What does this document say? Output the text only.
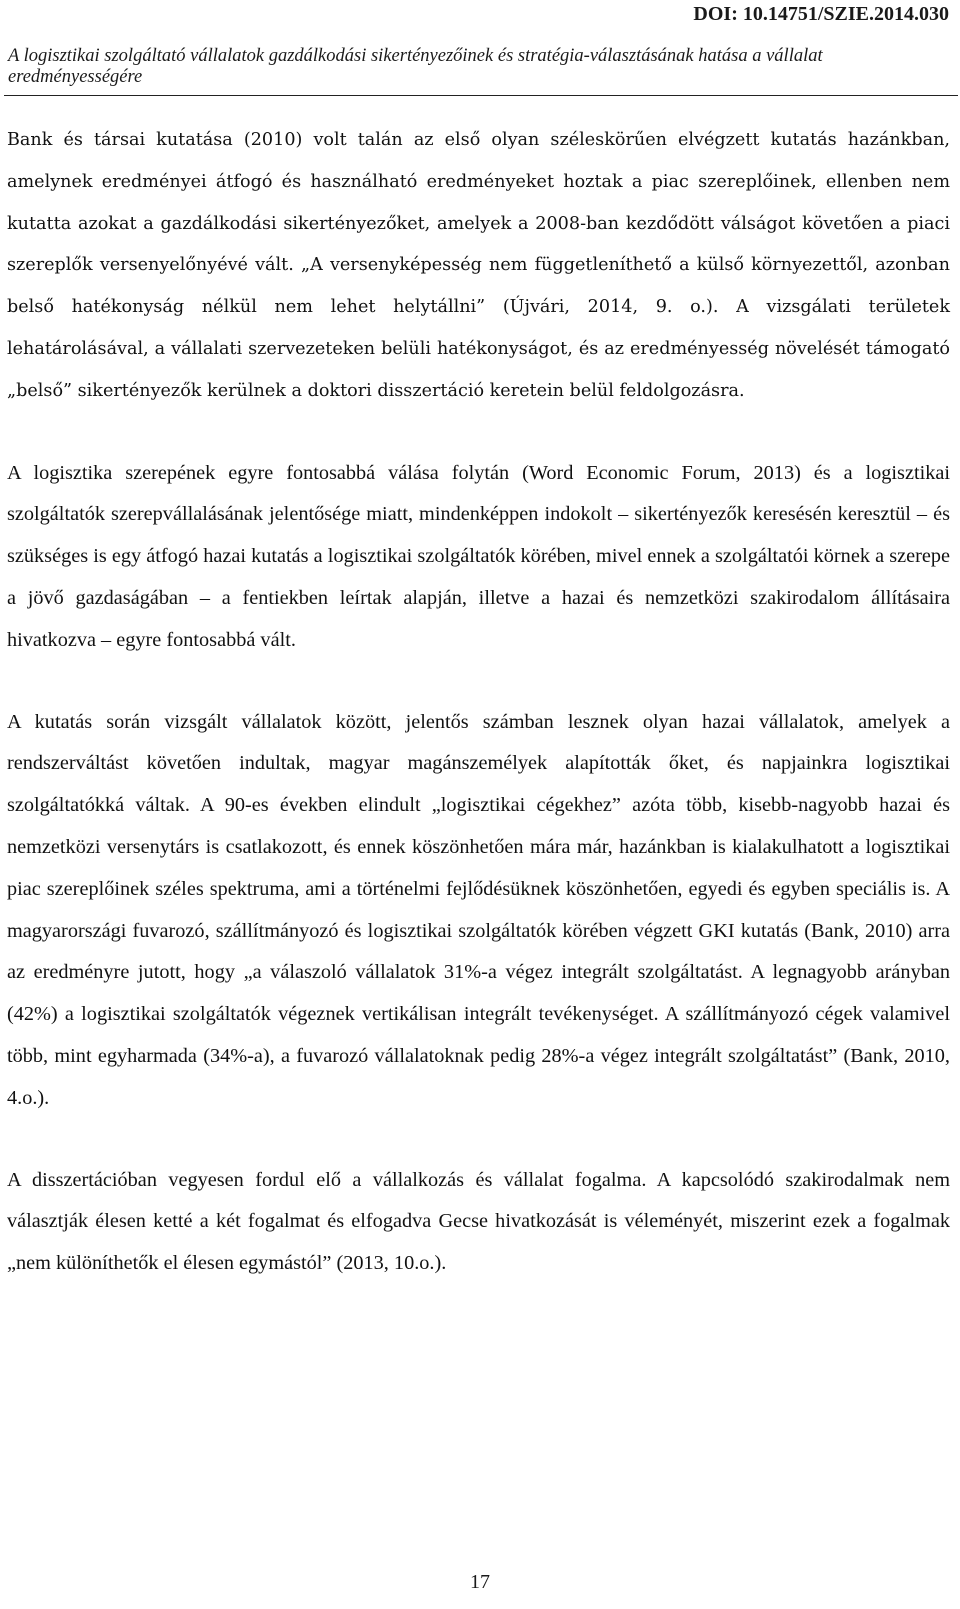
DOI: 10.14751/SZIE.2014.030

A logisztikai szolgáltató vállalatok gazdálkodási sikertényezőinek és stratégia-választásának hatása a vállalat eredményességére

Bank és társai kutatása (2010) volt talán az első olyan széleskörűen elvégzett kutatás hazánkban, amelynek eredményei átfogó és használható eredményeket hoztak a piac szereplőinek, ellenben nem kutatta azokat a gazdálkodási sikertényezőket, amelyek a 2008-ban kezdődött válságot követően a piaci szereplők versenyelőnyévé vált. „A versenyképesség nem függetleníthető a külső környezettől, azonban belső hatékonyság nélkül nem lehet helytállni” (Újvári, 2014, 9. o.). A vizsgálati területek lehatárolásával, a vállalati szervezeteken belüli hatékonyságot, és az eredményesség növelését támogató „belső” sikertényezők kerülnek a doktori disszertáció keretein belül feldolgozásra.

A logisztika szerepének egyre fontosabbá válása folytán (Word Economic Forum, 2013) és a logisztikai szolgáltatók szerepvállalásának jelentősége miatt, mindenképpen indokolt – sikertényezők keresésén keresztül – és szükséges is egy átfogó hazai kutatás a logisztikai szolgáltatók körében, mivel ennek a szolgáltatói körnek a szerepe a jövő gazdaságában – a fentiekben leírtak alapján, illetve a hazai és nemzetközi szakirodalom állításaira hivatkozva – egyre fontosabbá vált.

A kutatás során vizsgált vállalatok között, jelentős számban lesznek olyan hazai vállalatok, amelyek a rendszerváltást követően indultak, magyar magánszemélyek alapították őket, és napjainkra logisztikai szolgáltatókká váltak. A 90-es években elindult „logisztikai cégekhez” azóta több, kisebb-nagyobb hazai és nemzetközi versenytárs is csatlakozott, és ennek köszönhetően mára már, hazánkban is kialakulhatott a logisztikai piac szereplőinek széles spektruma, ami a történelmi fejlődésüknek köszönhetően, egyedi és egyben speciális is. A magyarországi fuvarozó, szállítmányozó és logisztikai szolgáltatók körében végzett GKI kutatás (Bank, 2010) arra az eredményre jutott, hogy „a válaszoló vállalatok 31%-a végez integrált szolgáltatást. A legnagyobb arányban (42%) a logisztikai szolgáltatók végeznek vertikálisan integrált tevékenységet. A szállítmányozó cégek valamivel több, mint egyharmada (34%-a), a fuvarozó vállalatoknak pedig 28%-a végez integrált szolgáltatást” (Bank, 2010, 4.o.).

A disszertációban vegyesen fordul elő a vállalkozás és vállalat fogalma. A kapcsolódó szakirodalmak nem választják élesen ketté a két fogalmat és elfogadva Gecse hivatkozását is véleményét, miszerint ezek a fogalmak „nem különíthetők el élesen egymástól” (2013, 10.o.).

17
